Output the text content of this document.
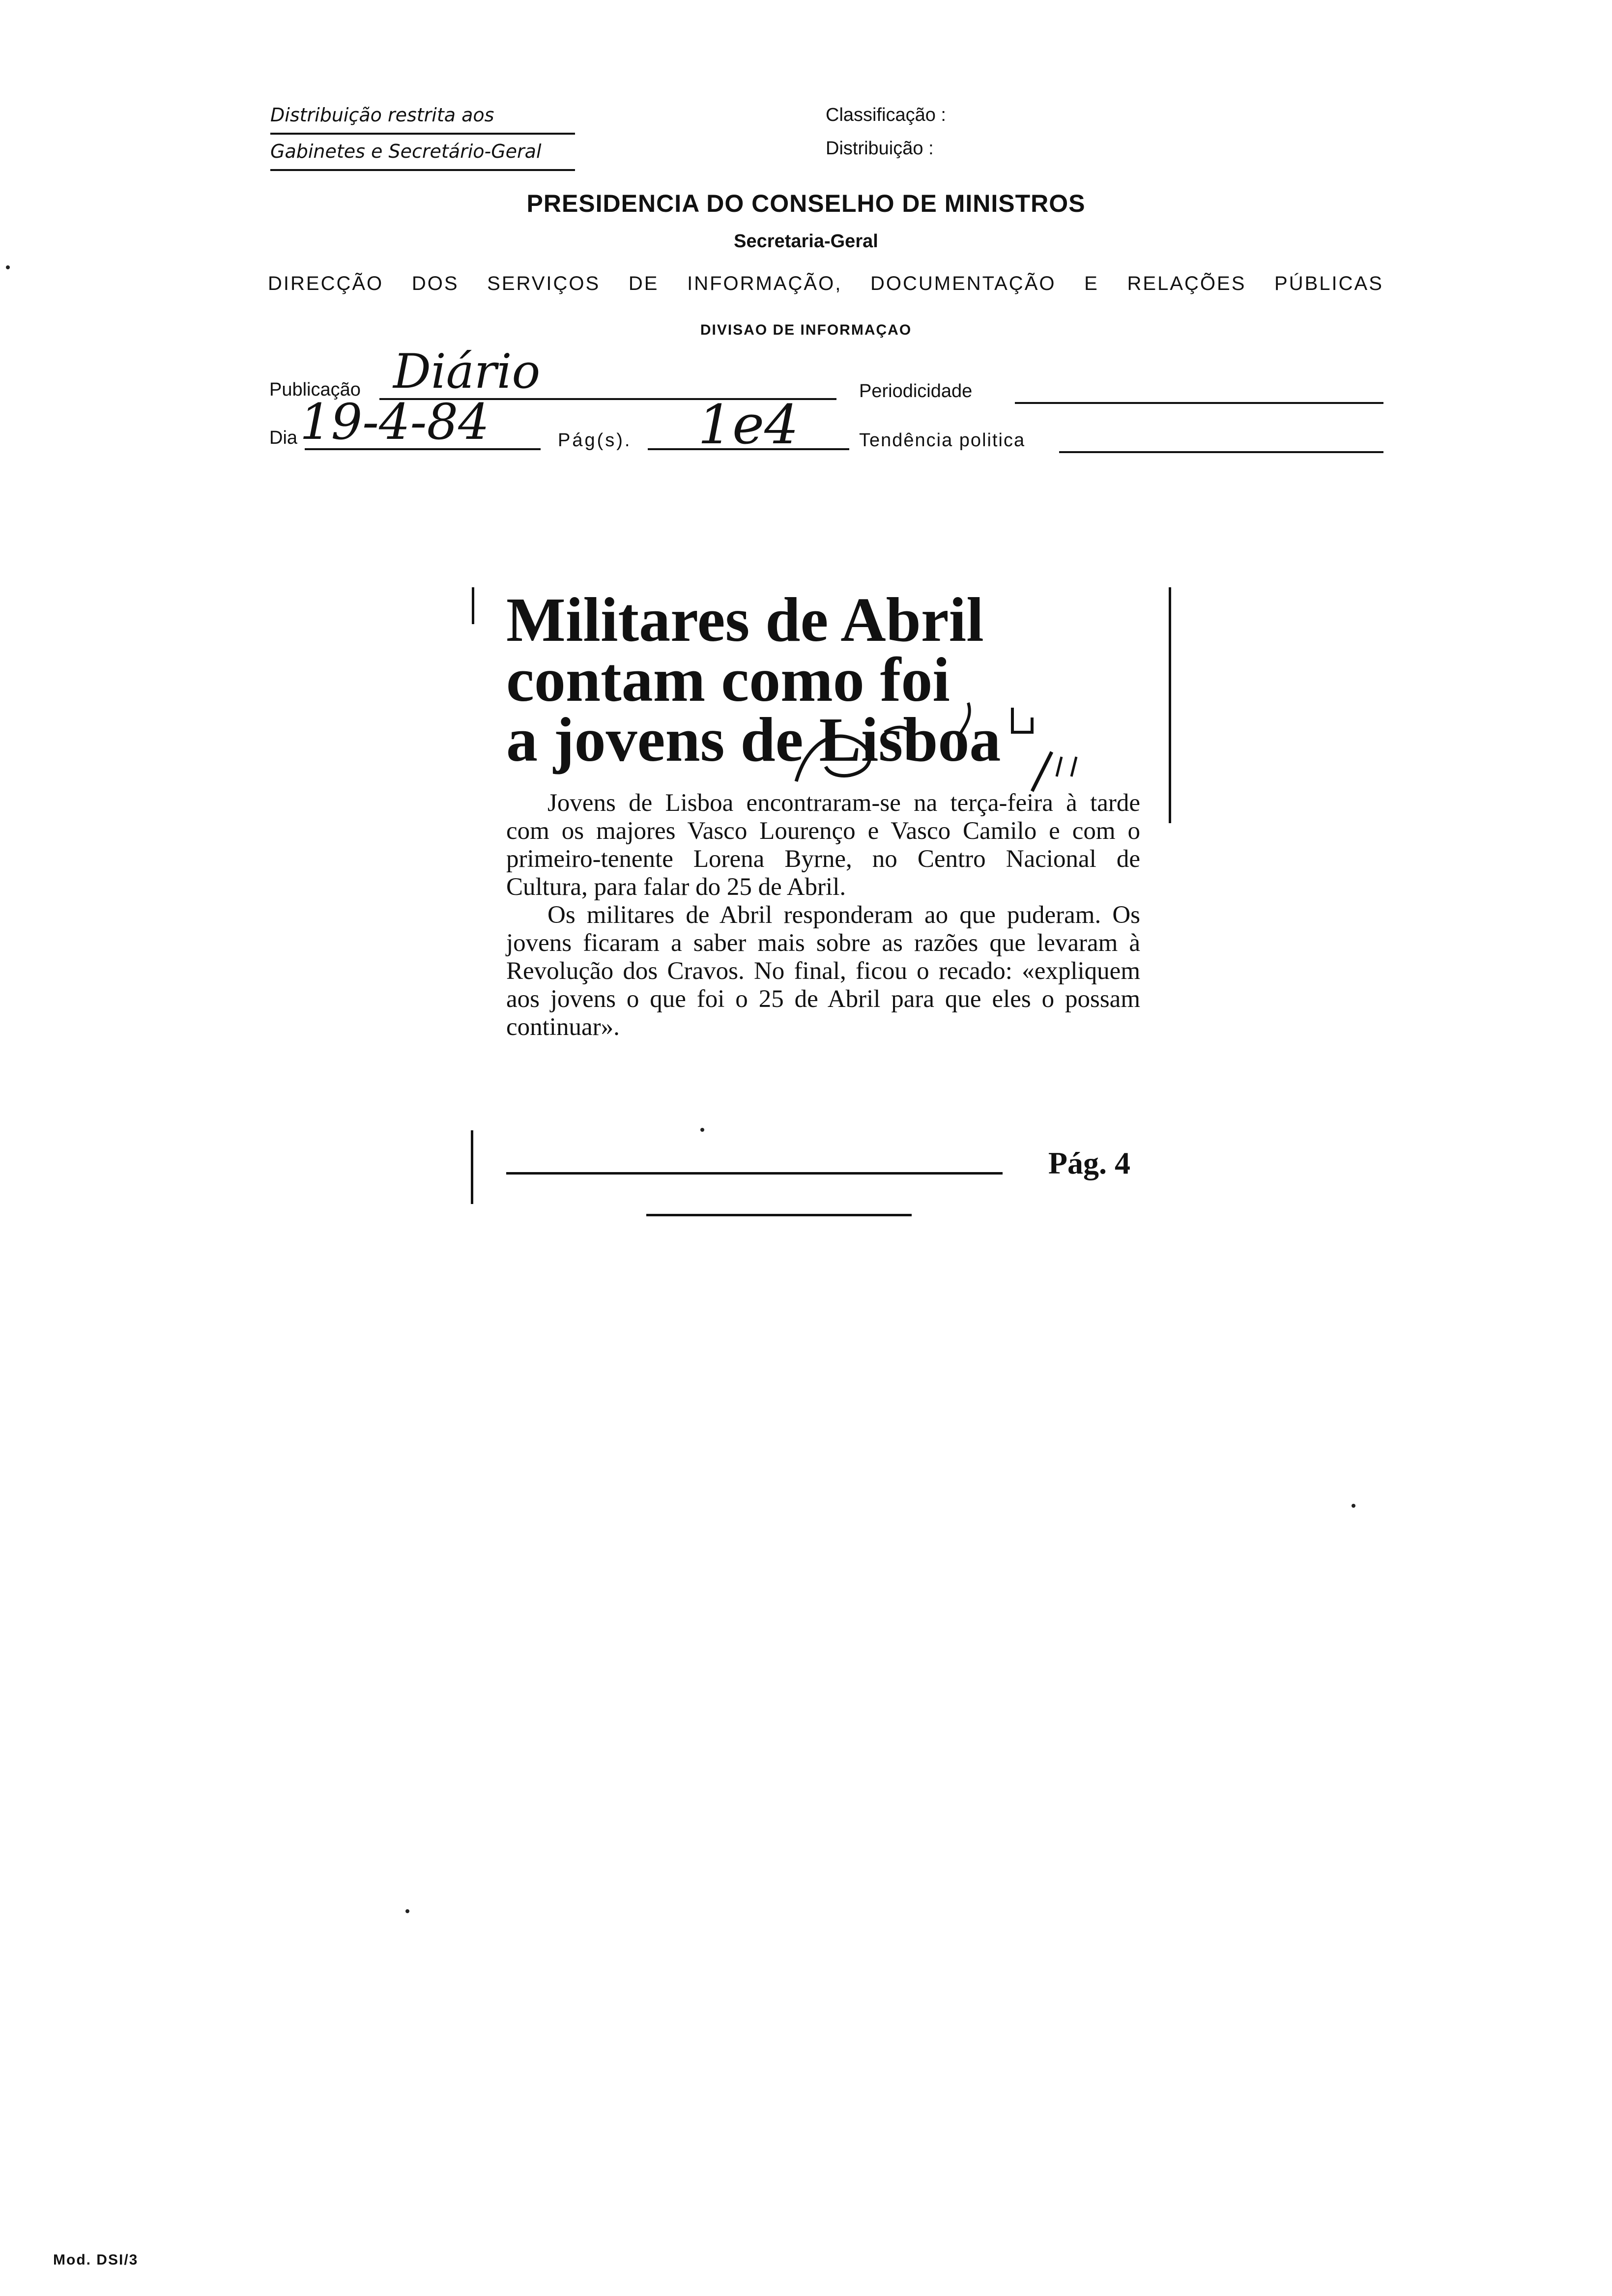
Distribuição restrita aos
Gabinetes e Secretário-Geral
Classificação :
Distribuição :
PRESIDENCIA DO CONSELHO DE MINISTROS
Secretaria-Geral
DIRECÇÃO DOS SERVIÇOS DE INFORMAÇÃO, DOCUMENTAÇÃO E RELAÇÕES PÚBLICAS
DIVISAO DE INFORMAÇAO
Publicação Diário	Periodicidade
Dia 19-4-84	Pág(s). 1e4	Tendência politica
Militares de Abril
contam como foi
a jovens de Lisboa

Jovens de Lisboa encontraram-se na terça-feira à tarde com os majores Vasco Lourenço e Vasco Camilo e com o primeiro-tenente Lorena Byrne, no Centro Nacional de Cultura, para falar do 25 de Abril.

Os militares de Abril responderam ao que puderam. Os jovens ficaram a saber mais sobre as razões que levaram à Revolução dos Cravos. No final, ficou o recado: «expliquem aos jovens o que foi o 25 de Abril para que eles o possam continuar».

Pág. 4
Mod. DSI/3
